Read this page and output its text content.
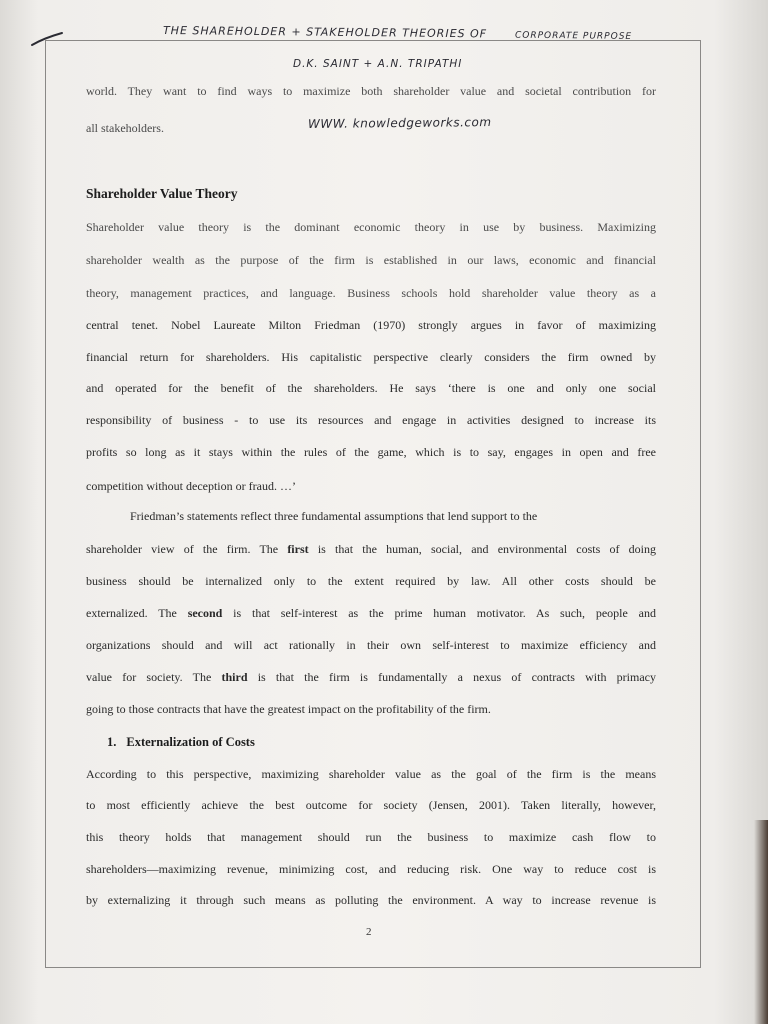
THE SHAREHOLDER + STAKEHOLDER THEORIES OF	CORPORATE PURPOSE
D.K. SAINT + A.N. TRIPATHI
WWW. knowledgeworks.com
world. They want to find ways to maximize both shareholder value and societal contribution for
all stakeholders.
Shareholder Value Theory
Shareholder value theory is the dominant economic theory in use by business. Maximizing
shareholder wealth as the purpose of the firm is established in our laws, economic and financial
theory, management practices, and language. Business schools hold shareholder value theory as a
central tenet. Nobel Laureate Milton Friedman (1970) strongly argues in favor of maximizing
financial return for shareholders. His capitalistic perspective clearly considers the firm owned by
and operated for the benefit of the shareholders. He says ‘there is one and only one social
responsibility of business - to use its resources and engage in activities designed to increase its
profits so long as it stays within the rules of the game, which is to say, engages in open and free
competition without deception or fraud. …’
Friedman’s statements reflect three fundamental assumptions that lend support to the
shareholder view of the firm. The first is that the human, social, and environmental costs of doing
business should be internalized only to the extent required by law. All other costs should be
externalized. The second is that self-interest as the prime human motivator. As such, people and
organizations should and will act rationally in their own self-interest to maximize efficiency and
value for society. The third is that the firm is fundamentally a nexus of contracts with primacy
going to those contracts that have the greatest impact on the profitability of the firm.
1. Externalization of Costs
According to this perspective, maximizing shareholder value as the goal of the firm is the means
to most efficiently achieve the best outcome for society (Jensen, 2001). Taken literally, however,
this theory holds that management should run the business to maximize cash flow to
shareholders—maximizing revenue, minimizing cost, and reducing risk. One way to reduce cost is
by externalizing it through such means as polluting the environment. A way to increase revenue is
2
